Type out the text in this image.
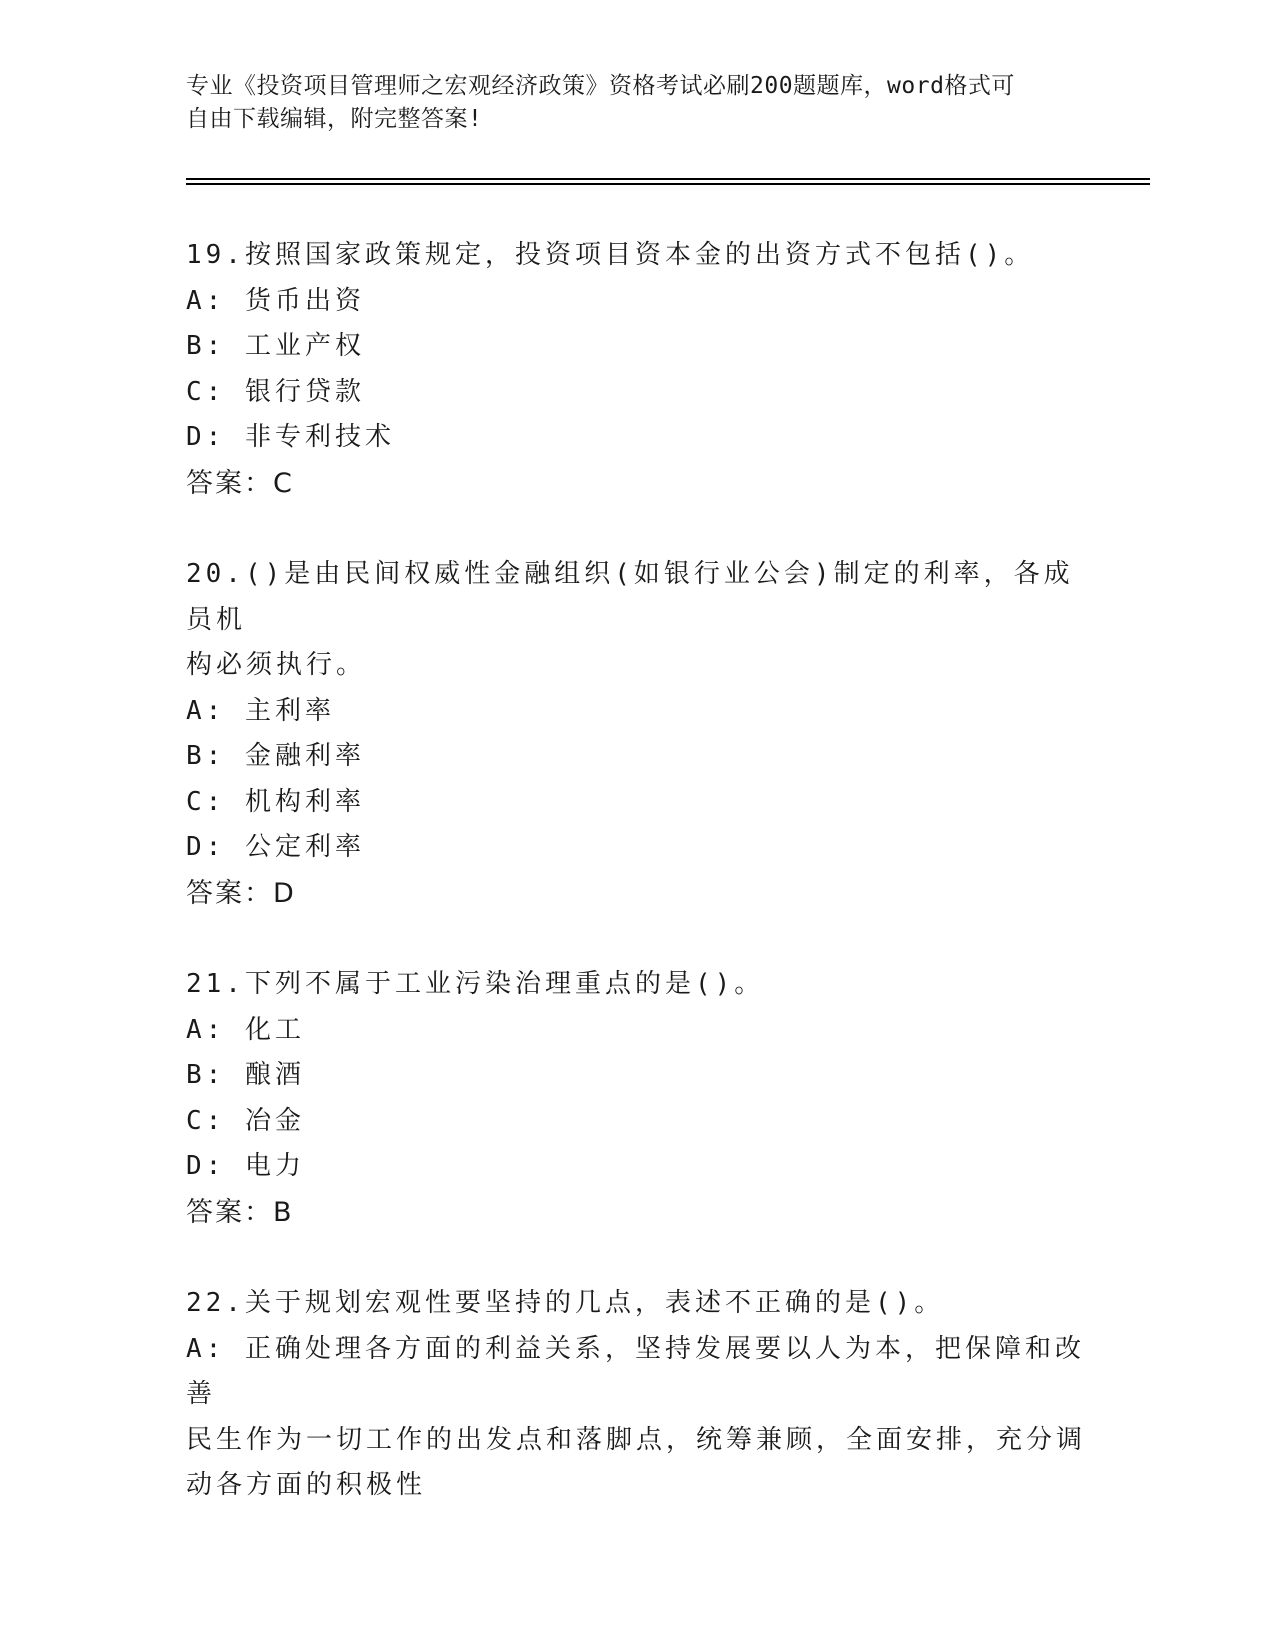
专业《投资项目管理师之宏观经济政策》资格考试必刷200题题库，word格式可
自由下载编辑，附完整答案!
19.按照国家政策规定，投资项目资本金的出资方式不包括()。
A: 货币出资
B: 工业产权
C: 银行贷款
D: 非专利技术
答案：C
20.()是由民间权威性金融组织(如银行业公会)制定的利率，各成员机
构必须执行。
A: 主利率
B: 金融利率
C: 机构利率
D: 公定利率
答案：D
21.下列不属于工业污染治理重点的是()。
A: 化工
B: 酿酒
C: 冶金
D: 电力
答案：B
22.关于规划宏观性要坚持的几点，表述不正确的是()。
A: 正确处理各方面的利益关系，坚持发展要以人为本，把保障和改善
民生作为一切工作的出发点和落脚点，统筹兼顾，全面安排，充分调
动各方面的积极性
